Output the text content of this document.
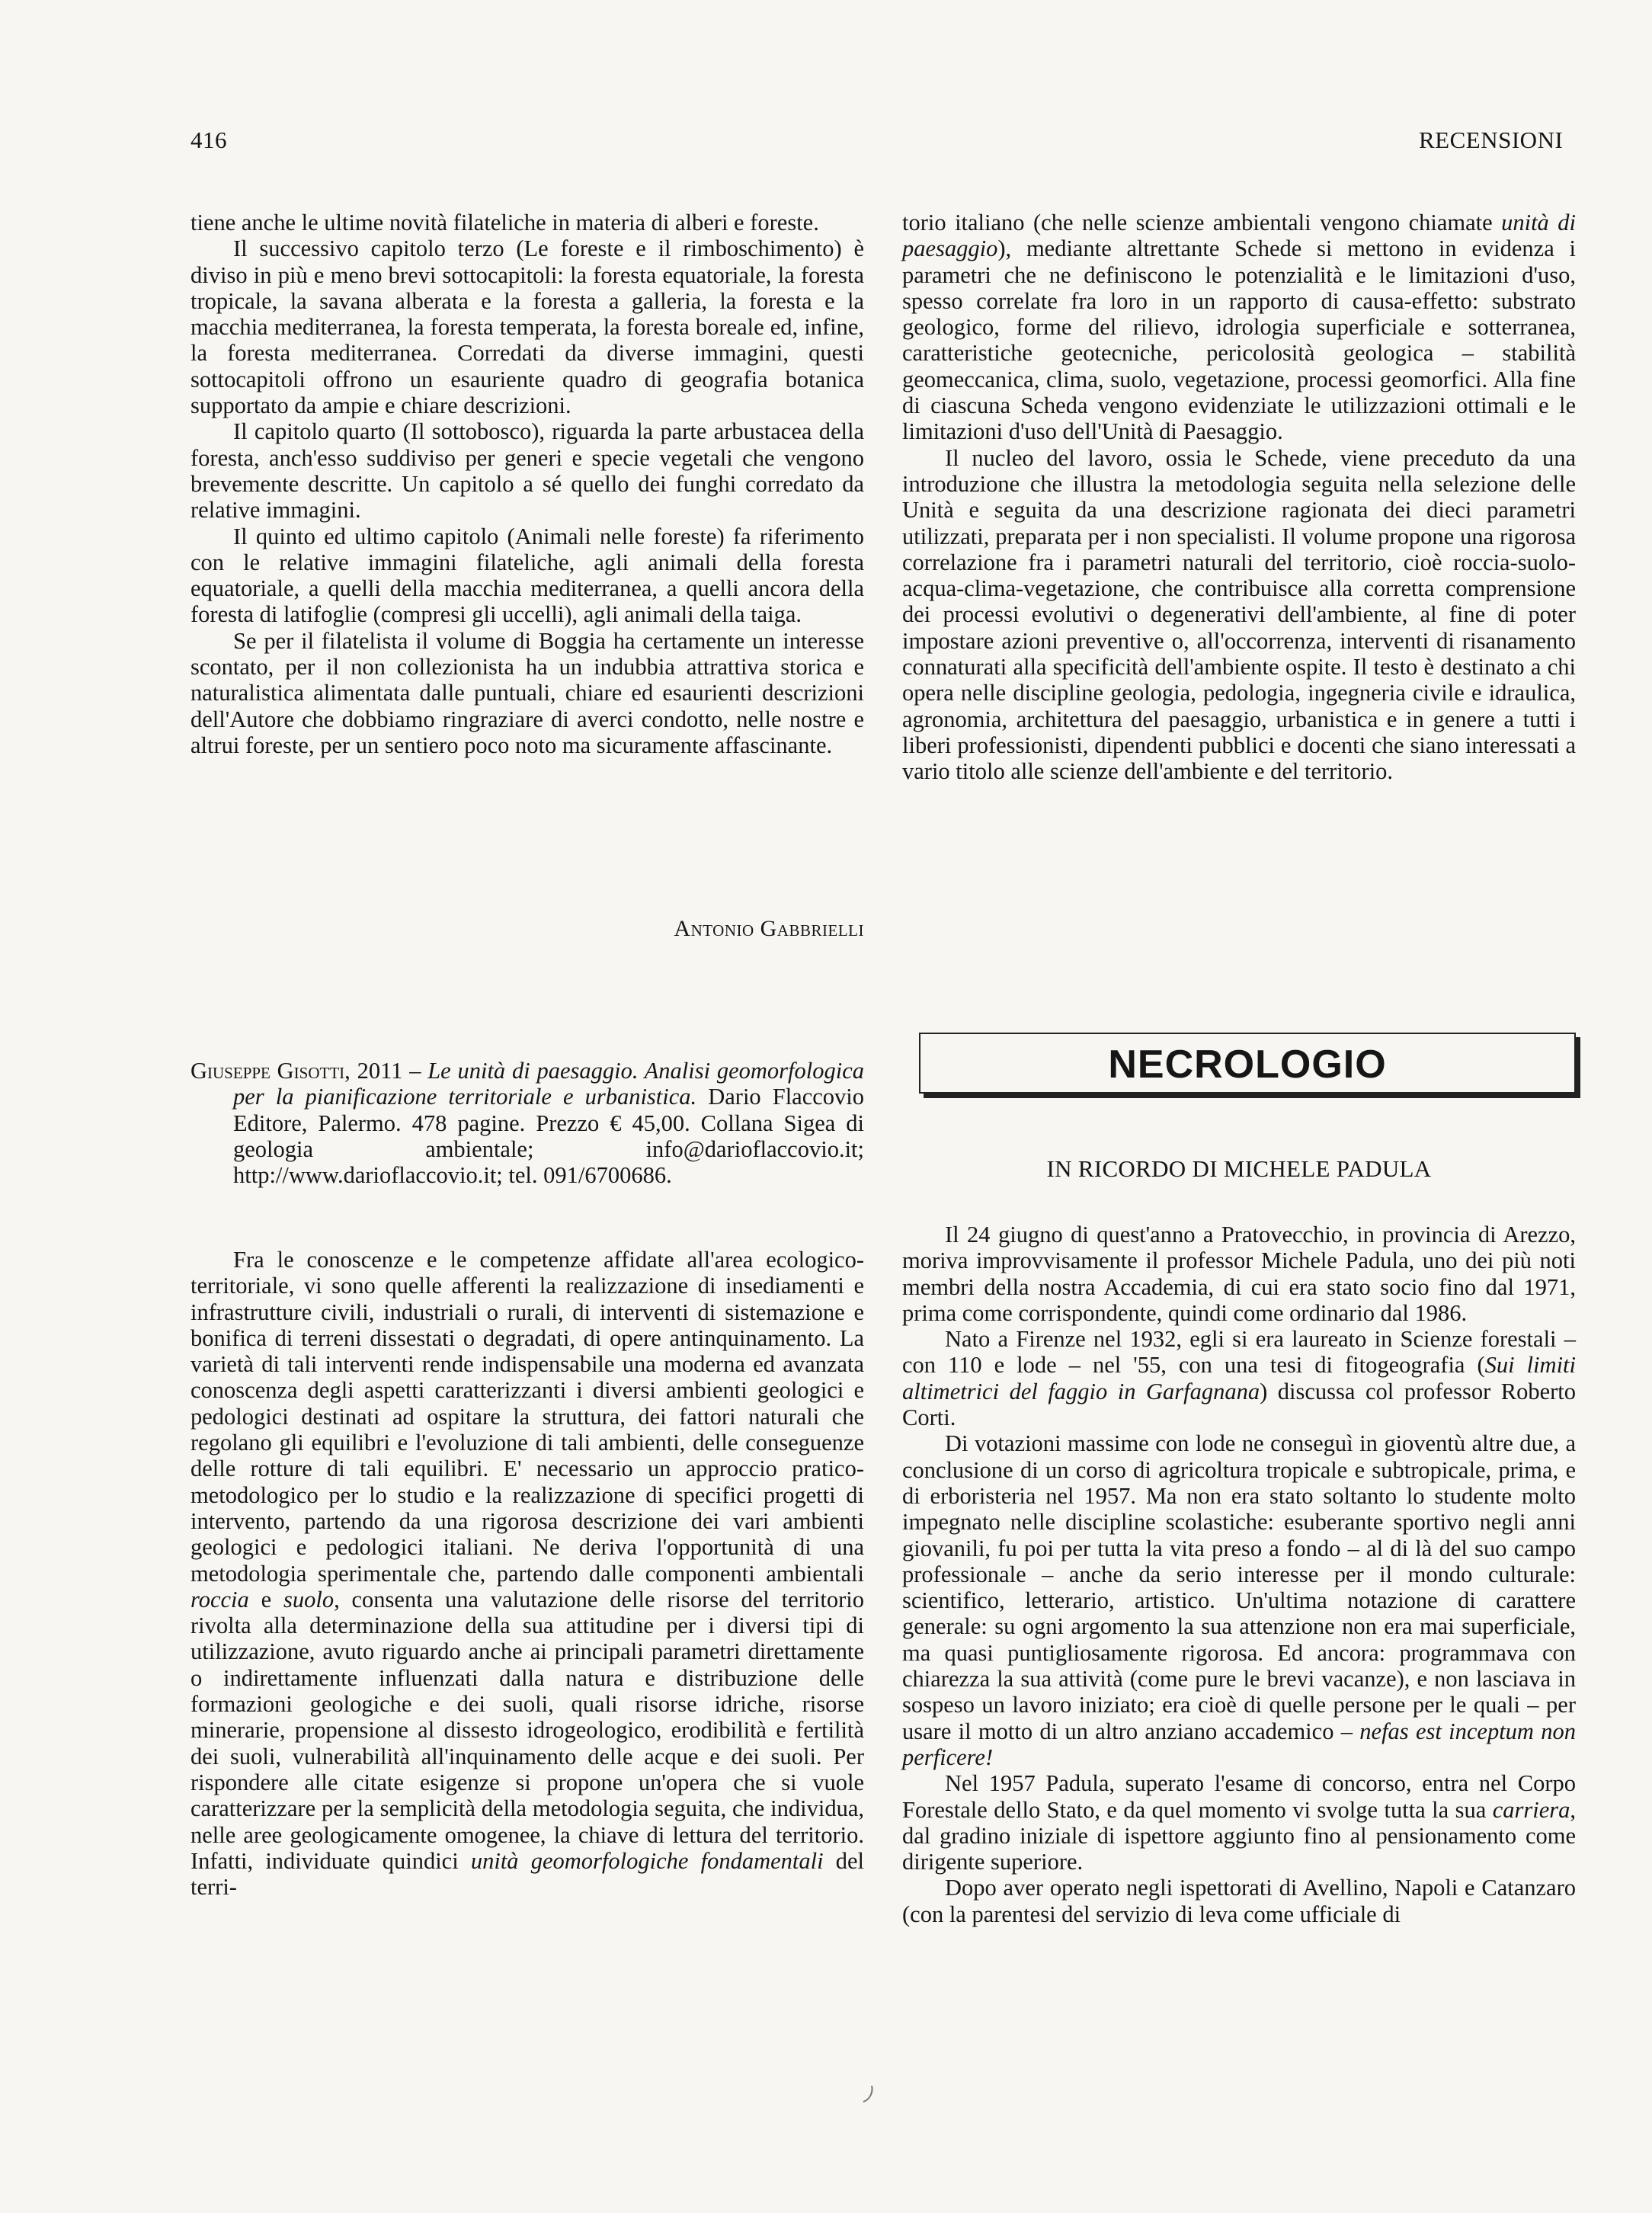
416	RECENSIONI

tiene anche le ultime novità filateliche in materia di alberi e foreste.

Il successivo capitolo terzo (Le foreste e il rimboschimento) è diviso in più e meno brevi sottocapitoli: la foresta equatoriale, la foresta tropicale, la savana alberata e la foresta a galleria, la foresta e la macchia mediterranea, la foresta temperata, la foresta boreale ed, infine, la foresta mediterranea. Corredati da diverse immagini, questi sottocapitoli offrono un esauriente quadro di geografia botanica supportato da ampie e chiare descrizioni.

Il capitolo quarto (Il sottobosco), riguarda la parte arbustacea della foresta, anch'esso suddiviso per generi e specie vegetali che vengono brevemente descritte. Un capitolo a sé quello dei funghi corredato da relative immagini.

Il quinto ed ultimo capitolo (Animali nelle foreste) fa riferimento con le relative immagini filateliche, agli animali della foresta equatoriale, a quelli della macchia mediterranea, a quelli ancora della foresta di latifoglie (compresi gli uccelli), agli animali della taiga.

Se per il filatelista il volume di Boggia ha certamente un interesse scontato, per il non collezionista ha un indubbia attrattiva storica e naturalistica alimentata dalle puntuali, chiare ed esaurienti descrizioni dell'Autore che dobbiamo ringraziare di averci condotto, nelle nostre e altrui foreste, per un sentiero poco noto ma sicuramente affascinante.

Antonio Gabbrielli

torio italiano (che nelle scienze ambientali vengono chiamate unità di paesaggio), mediante altrettante Schede si mettono in evidenza i parametri che ne definiscono le potenzialità e le limitazioni d'uso, spesso correlate fra loro in un rapporto di causa-effetto: substrato geologico, forme del rilievo, idrologia superficiale e sotterranea, caratteristiche geotecniche, pericolosità geologica – stabilità geomeccanica, clima, suolo, vegetazione, processi geomorfici. Alla fine di ciascuna Scheda vengono evidenziate le utilizzazioni ottimali e le limitazioni d'uso dell'Unità di Paesaggio.

Il nucleo del lavoro, ossia le Schede, viene preceduto da una introduzione che illustra la metodologia seguita nella selezione delle Unità e seguita da una descrizione ragionata dei dieci parametri utilizzati, preparata per i non specialisti. Il volume propone una rigorosa correlazione fra i parametri naturali del territorio, cioè roccia-suolo-acqua-clima-vegetazione, che contribuisce alla corretta comprensione dei processi evolutivi o degenerativi dell'ambiente, al fine di poter impostare azioni preventive o, all'occorrenza, interventi di risanamento connaturati alla specificità dell'ambiente ospite. Il testo è destinato a chi opera nelle discipline geologia, pedologia, ingegneria civile e idraulica, agronomia, architettura del paesaggio, urbanistica e in genere a tutti i liberi professionisti, dipendenti pubblici e docenti che siano interessati a vario titolo alle scienze dell'ambiente e del territorio.

Giuseppe Gisotti, 2011 – Le unità di paesaggio. Analisi geomorfologica per la pianificazione territoriale e urbanistica. Dario Flaccovio Editore, Palermo. 478 pagine. Prezzo € 45,00. Collana Sigea di geologia ambientale; info@darioflaccovio.it; http://www.darioflaccovio.it; tel. 091/6700686.

Fra le conoscenze e le competenze affidate all'area ecologico-territoriale, vi sono quelle afferenti la realizzazione di insediamenti e infrastrutture civili, industriali o rurali, di interventi di sistemazione e bonifica di terreni dissestati o degradati, di opere antinquinamento. La varietà di tali interventi rende indispensabile una moderna ed avanzata conoscenza degli aspetti caratterizzanti i diversi ambienti geologici e pedologici destinati ad ospitare la struttura, dei fattori naturali che regolano gli equilibri e l'evoluzione di tali ambienti, delle conseguenze delle rotture di tali equilibri. E' necessario un approccio pratico-metodologico per lo studio e la realizzazione di specifici progetti di intervento, partendo da una rigorosa descrizione dei vari ambienti geologici e pedologici italiani. Ne deriva l'opportunità di una metodologia sperimentale che, partendo dalle componenti ambientali roccia e suolo, consenta una valutazione delle risorse del territorio rivolta alla determinazione della sua attitudine per i diversi tipi di utilizzazione, avuto riguardo anche ai principali parametri direttamente o indirettamente influenzati dalla natura e distribuzione delle formazioni geologiche e dei suoli, quali risorse idriche, risorse minerarie, propensione al dissesto idrogeologico, erodibilità e fertilità dei suoli, vulnerabilità all'inquinamento delle acque e dei suoli. Per rispondere alle citate esigenze si propone un'opera che si vuole caratterizzare per la semplicità della metodologia seguita, che individua, nelle aree geologicamente omogenee, la chiave di lettura del territorio. Infatti, individuate quindici unità geomorfologiche fondamentali del terri-

NECROLOGIO
IN RICORDO DI MICHELE PADULA

Il 24 giugno di quest'anno a Pratovecchio, in provincia di Arezzo, moriva improvvisamente il professor Michele Padula, uno dei più noti membri della nostra Accademia, di cui era stato socio fino dal 1971, prima come corrispondente, quindi come ordinario dal 1986.

Nato a Firenze nel 1932, egli si era laureato in Scienze forestali – con 110 e lode – nel '55, con una tesi di fitogeografia (Sui limiti altimetrici del faggio in Garfagnana) discussa col professor Roberto Corti.

Di votazioni massime con lode ne conseguì in gioventù altre due, a conclusione di un corso di agricoltura tropicale e subtropicale, prima, e di erboristeria nel 1957. Ma non era stato soltanto lo studente molto impegnato nelle discipline scolastiche: esuberante sportivo negli anni giovanili, fu poi per tutta la vita preso a fondo – al di là del suo campo professionale – anche da serio interesse per il mondo culturale: scientifico, letterario, artistico. Un'ultima notazione di carattere generale: su ogni argomento la sua attenzione non era mai superficiale, ma quasi puntigliosamente rigorosa. Ed ancora: programmava con chiarezza la sua attività (come pure le brevi vacanze), e non lasciava in sospeso un lavoro iniziato; era cioè di quelle persone per le quali – per usare il motto di un altro anziano accademico – nefas est inceptum non perficere!

Nel 1957 Padula, superato l'esame di concorso, entra nel Corpo Forestale dello Stato, e da quel momento vi svolge tutta la sua carriera, dal gradino iniziale di ispettore aggiunto fino al pensionamento come dirigente superiore.

Dopo aver operato negli ispettorati di Avellino, Napoli e Catanzaro (con la parentesi del servizio di leva come ufficiale di
